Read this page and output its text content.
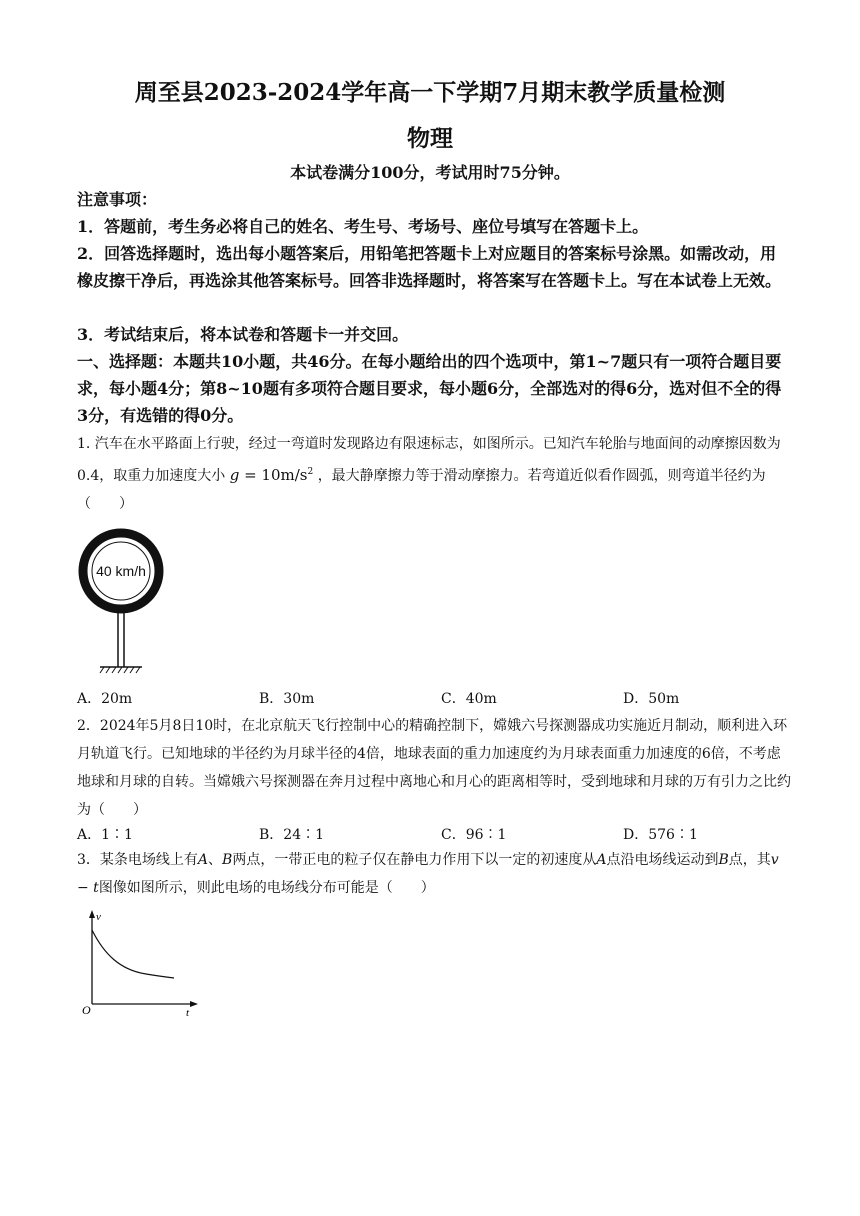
周至县2023-2024学年高一下学期7月期末教学质量检测
物理
本试卷满分100分，考试用时75分钟。
注意事项：
1．答题前，考生务必将自己的姓名、考生号、考场号、座位号填写在答题卡上。
2．回答选择题时，选出每小题答案后，用铅笔把答题卡上对应题目的答案标号涂黑。如需改动，用橡皮擦干净后，再选涂其他答案标号。回答非选择题时，将答案写在答题卡上。写在本试卷上无效。
3．考试结束后，将本试卷和答题卡一并交回。
一、选择题：本题共10小题，共46分。在每小题给出的四个选项中，第1~7题只有一项符合题目要求，每小题4分；第8~10题有多项符合题目要求，每小题6分，全部选对的得6分，选对但不全的得3分，有选错的得0分。
1. 汽车在水平路面上行驶，经过一弯道时发现路边有限速标志，如图所示。已知汽车轮胎与地面间的动摩擦因数为0.4，取重力加速度大小 $g = 10m/s^2$ ，最大静摩擦力等于滑动摩擦力。若弯道近似看作圆弧，则弯道半径约为（　　）
40 km/h
A．20m	B．30m	C．40m	D．50m
2．2024年5月8日10时，在北京航天飞行控制中心的精确控制下，嫦娥六号探测器成功实施近月制动，顺利进入环月轨道飞行。已知地球的半径约为月球半径的4倍，地球表面的重力加速度约为月球表面重力加速度的6倍，不考虑地球和月球的自转。当嫦娥六号探测器在奔月过程中离地心和月心的距离相等时，受到地球和月球的万有引力之比约为（　　）
A．1∶1	B．24∶1	C．96∶1	D．576∶1
3．某条电场线上有A、B两点，一带正电的粒子仅在静电力作用下以一定的初速度从A点沿电场线运动到B点，其v − t图像如图所示，则此电场的电场线分布可能是（　　）
v
t
O
